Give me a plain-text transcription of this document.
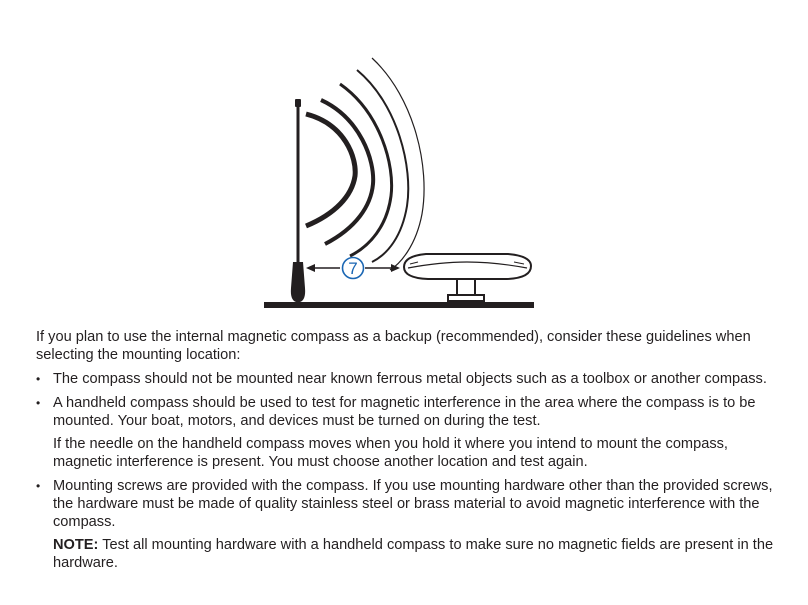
7

If you plan to use the internal magnetic compass as a backup (recommended), consider these guidelines when selecting the mounting location:

• The compass should not be mounted near known ferrous metal objects such as a toolbox or another compass.
• A handheld compass should be used to test for magnetic interference in the area where the compass is to be mounted. Your boat, motors, and devices must be turned on during the test.
If the needle on the handheld compass moves when you hold it where you intend to mount the compass, magnetic interference is present. You must choose another location and test again.
• Mounting screws are provided with the compass. If you use mounting hardware other than the provided screws, the hardware must be made of quality stainless steel or brass material to avoid magnetic interference with the compass.
NOTE: Test all mounting hardware with a handheld compass to make sure no magnetic fields are present in the hardware.
